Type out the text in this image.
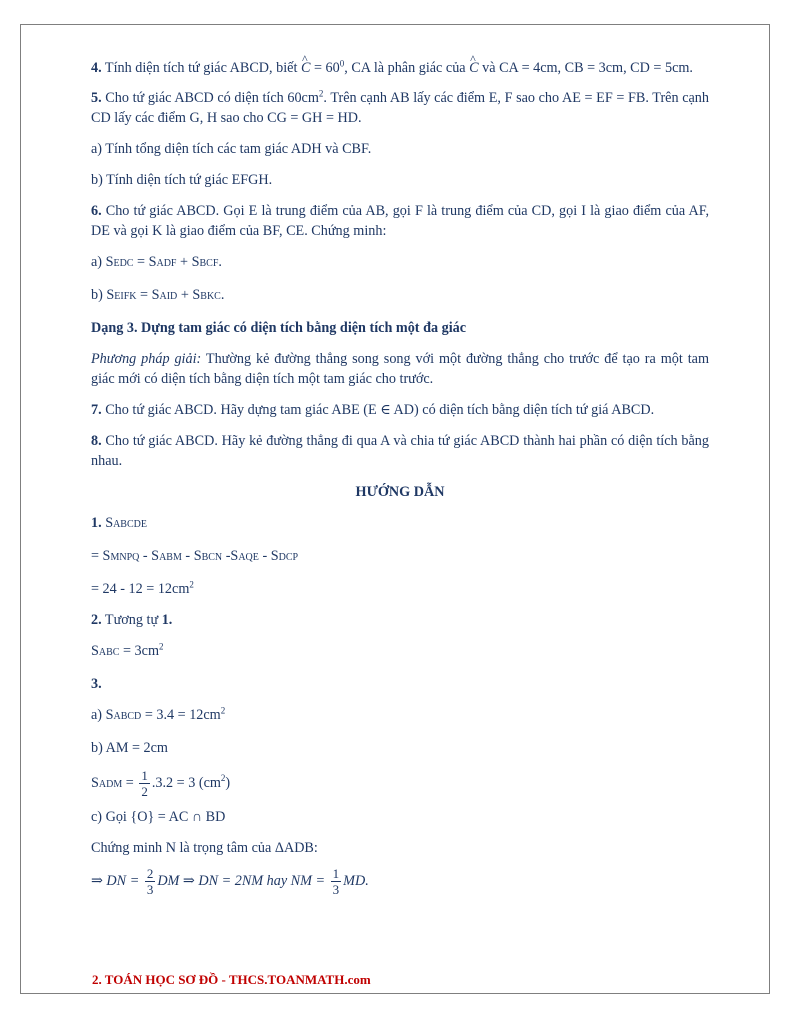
4. Tính diện tích tứ giác ABCD, biết ^ $C = 60^0$, CA là phân giác của ^ C và CA = 4cm, CB = 3cm, CD = 5cm.

5. Cho tứ giác ABCD có diện tích $60cm^2$. Trên cạnh AB lấy các điểm E, F sao cho AE = EF = FB. Trên cạnh CD lấy các điểm G, H sao cho CG = GH = HD.

a) Tính tổng diện tích các tam giác ADH và CBF.

b) Tính diện tích tứ giác EFGH.

6. Cho tứ giác ABCD. Gọi E là trung điểm của AB, gọi F là trung điểm của CD, gọi I là giao điểm của AF, DE và gọi K là giao điểm của BF, CE. Chứng minh:

a) SEDC = SADF + SBCF.

b) SEIFK = SAID + SBKC.

Dạng 3. Dựng tam giác có diện tích bằng diện tích một đa giác

Phương pháp giải: Thường kẻ đường thẳng song song với một đường thẳng cho trước để tạo ra một tam giác mới có diện tích bằng diện tích một tam giác cho trước.

7. Cho tứ giác ABCD. Hãy dựng tam giác ABE (E ∈ AD) có diện tích bằng diện tích tứ giá ABCD.

8. Cho tứ giác ABCD. Hãy kẻ đường thẳng đi qua A và chia tứ giác ABCD thành hai phần có diện tích bằng nhau.

HƯỚNG DẪN

1. SABCDE

= SMNPQ - SABM - SBCN -SAQE - SDCP

= $24 - 12 = 12cm^2$

2. Tương tự 1.

SABC = $3cm^2$

3.

a) SABCD = $3.4 = 12cm^2$

b) AM = 2cm

SADM = $\frac{1}{2} .3.2 = 3$ $(cm^2)$

c) Gọi {O} = AC ∩ BD

Chứng minh N là trọng tâm của ΔADB:

⇒ DN = $\frac{2}{3}$ DM ⇒ DN = 2NM hay NM = $\frac{1}{3}$ MD.

2. TOÁN HỌC SƠ ĐỒ - THCS.TOANMATH.com
